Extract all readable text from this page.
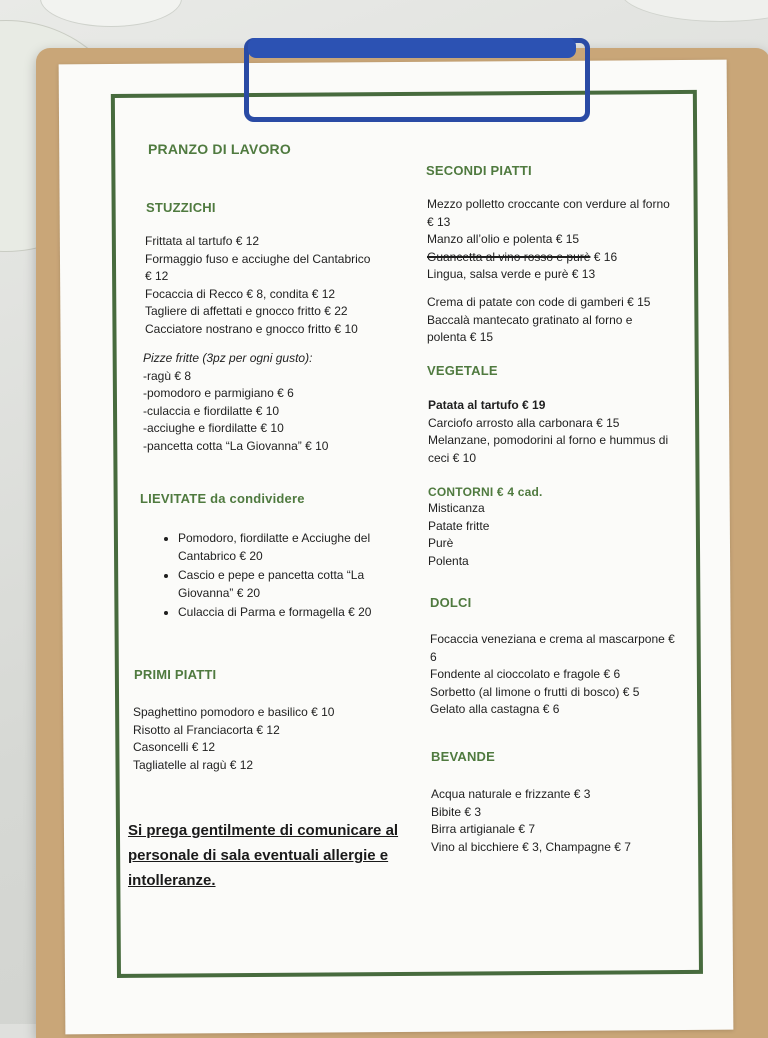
PRANZO DI LAVORO
STUZZICHI
Frittata al tartufo € 12
Formaggio fuso e acciughe del Cantabrico
€ 12
Focaccia di Recco € 8, condita € 12
Tagliere di affettati e gnocco fritto € 22
Cacciatore nostrano e gnocco fritto € 10
Pizze fritte (3pz per ogni gusto):
-ragù € 8
-pomodoro e parmigiano € 6
-culaccia e fiordilatte € 10
-acciughe e fiordilatte € 10
-pancetta cotta “La Giovanna” € 10
LIEVITATE da condividere
• Pomodoro, fiordilatte e Acciughe del Cantabrico € 20
• Cascio e pepe e pancetta cotta “La Giovanna” € 20
• Culaccia di Parma e formagella € 20
PRIMI PIATTI
Spaghettino pomodoro e basilico € 10
Risotto al Franciacorta € 12
Casoncelli € 12
Tagliatelle al ragù € 12
Si prega gentilmente di comunicare al personale di sala eventuali allergie e intolleranze.
SECONDI PIATTI
Mezzo polletto croccante con verdure al forno
€ 13
Manzo all’olio e polenta € 15
Guancetta al vino rosso e purè € 16
Lingua, salsa verde e purè € 13
Crema di patate con code di gamberi € 15
Baccalà mantecato gratinato al forno e
polenta € 15
VEGETALE
Patata al tartufo € 19
Carciofo arrosto alla carbonara € 15
Melanzane, pomodorini al forno e hummus di
ceci € 10
CONTORNI € 4 cad.
Misticanza
Patate fritte
Purè
Polenta
DOLCI
Focaccia veneziana e crema al mascarpone €
6
Fondente al cioccolato e fragole € 6
Sorbetto (al limone o frutti di bosco) € 5
Gelato alla castagna € 6
BEVANDE
Acqua naturale e frizzante € 3
Bibite € 3
Birra artigianale € 7
Vino al bicchiere € 3, Champagne € 7
